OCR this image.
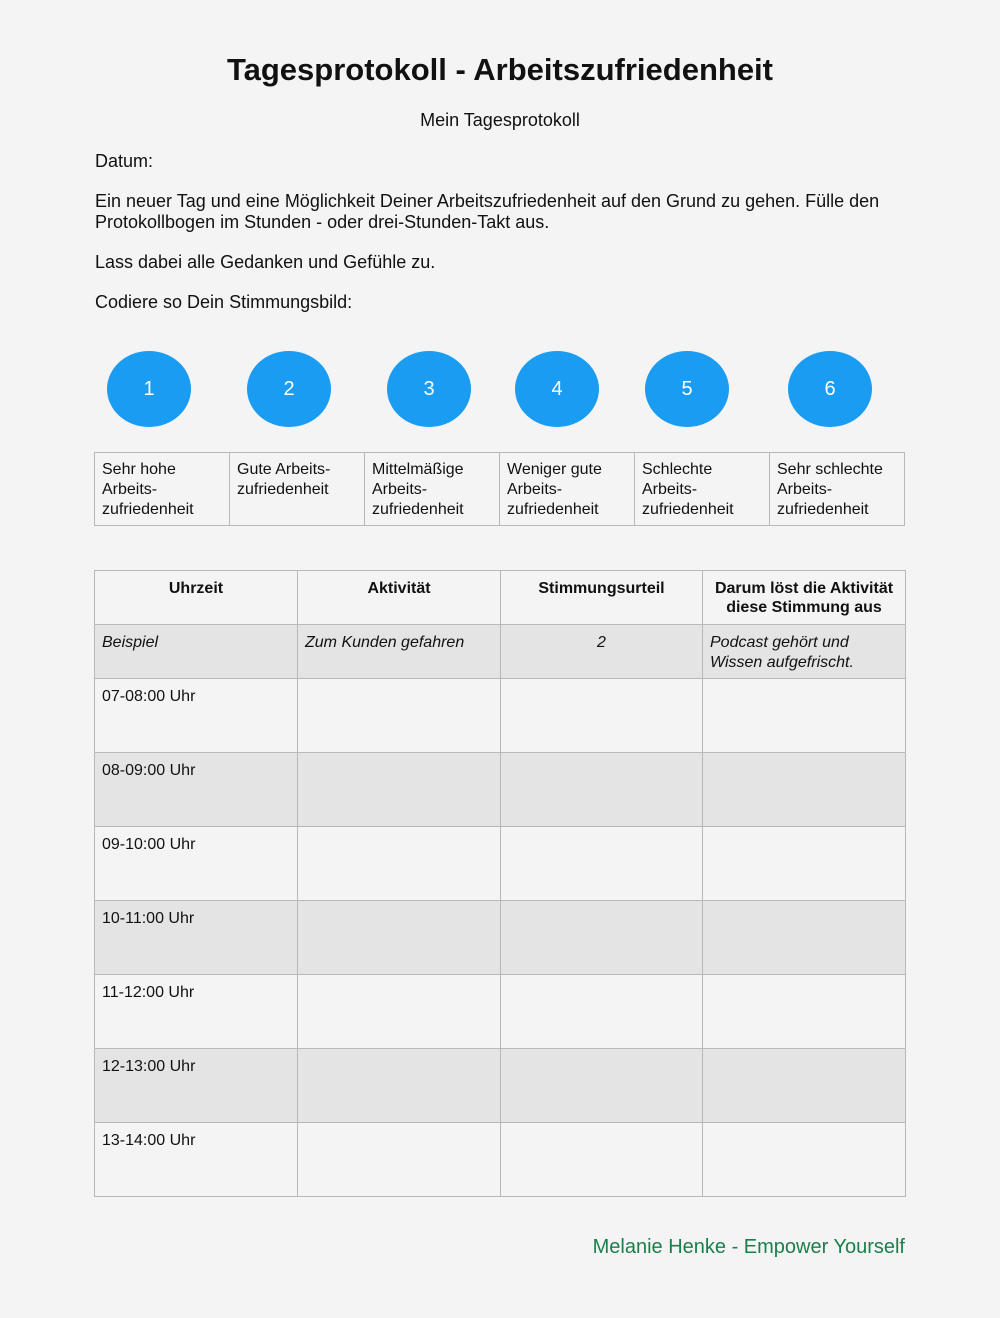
Tagesprotokoll - Arbeitszufriedenheit
Mein Tagesprotokoll

Datum:

Ein neuer Tag und eine Möglichkeit Deiner Arbeitszufriedenheit auf den Grund zu gehen. Fülle den Protokollbogen im Stunden - oder drei-Stunden-Takt aus.

Lass dabei alle Gedanken und Gefühle zu.

Codiere so Dein Stimmungsbild:

1	2	3	4	5	6
Sehr hohe Arbeits-zufriedenheit	Gute Arbeits-zufriedenheit	Mittelmäßige Arbeits-zufriedenheit	Weniger gute Arbeits-zufriedenheit	Schlechte Arbeits-zufriedenheit	Sehr schlechte Arbeits-zufriedenheit
Uhrzeit	Aktivität	Stimmungsurteil	Darum löst die Aktivität diese Stimmung aus
Beispiel	Zum Kunden gefahren	2	Podcast gehört und Wissen aufgefrischt.
07-08:00 Uhr			
08-09:00 Uhr			
09-10:00 Uhr			
10-11:00 Uhr			
11-12:00 Uhr			
12-13:00 Uhr			
13-14:00 Uhr			
Melanie Henke - Empower Yourself
